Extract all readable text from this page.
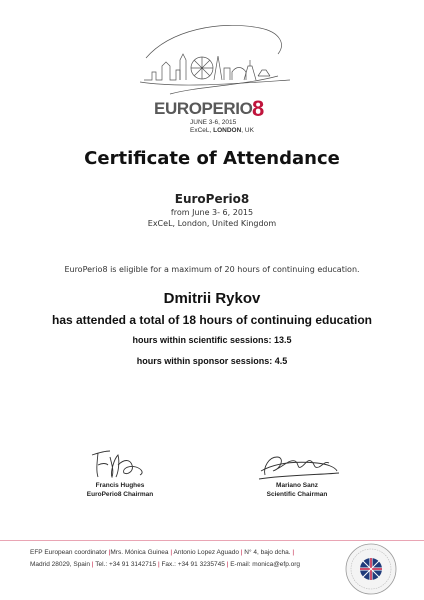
EUROPERIO 8
JUNE 3-6, 2015
ExCeL, LONDON, UK
Certificate of Attendance
EuroPerio8
from June 3- 6, 2015
ExCeL, London, United Kingdom
EuroPerio8 is eligible for a maximum of 20 hours of continuing education.
Dmitrii Rykov
has attended a total of 18 hours of continuing education
hours within scientific sessions: 13.5
hours within sponsor sessions: 4.5
Francis Hughes
EuroPerio8 Chairman
Mariano Sanz
Scientific Chairman
EFP European coordinator |Mrs. Mónica Guinea | Antonio Lopez Aguado | N° 4, bajo dcha. |
Madrid 28029, Spain | Tel.: +34 91 3142715 | Fax.: +34 91 3235745 | E-mail: monica@efp.org
